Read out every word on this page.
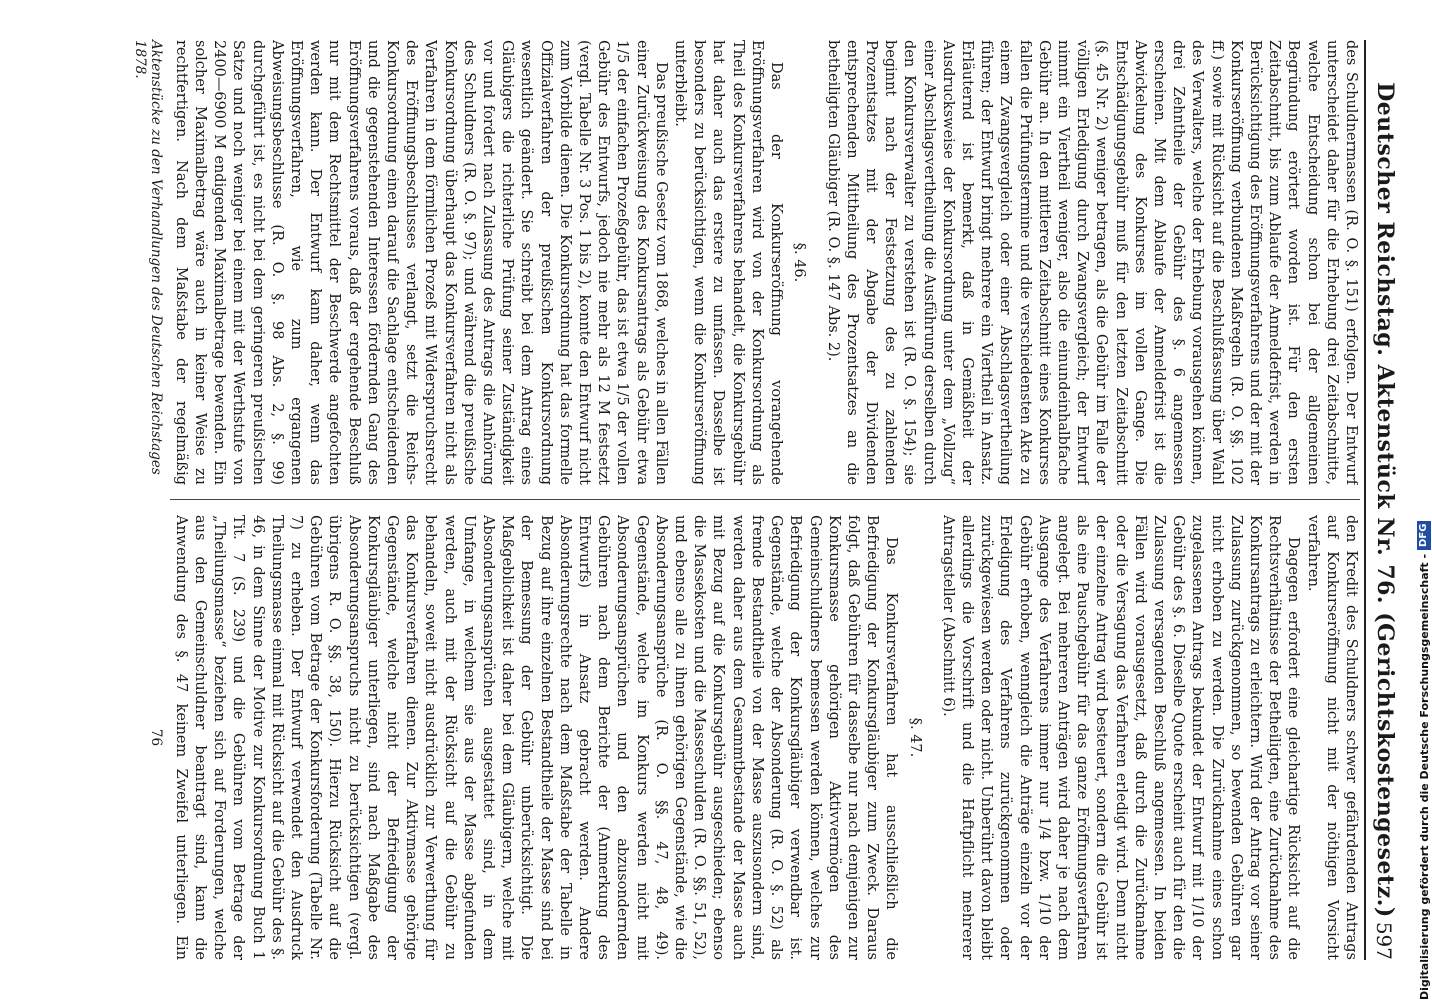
Deutscher Reichstag. Aktenstück Nr. 76. (Gerichtskostengesetz.)
597

des Schuldnermassen (R. O. §. 151) erfolgen. Der Entwurf unterscheidet daher für die Erhebung drei Zeitabschnitte, welche Entscheidung schon bei der allgemeinen Begründung erörtert worden ist. Für den ersten Zeitabschnitt, bis zum Ablaufe der Anmeldefrist, werden in Berücksichtigung des Eröffnungsverfahrens und der mit der Konkurseröffnung verbundenen Maßregeln (R. O. §§. 102 ff.) sowie mit Rücksicht auf die Beschlußfassung über Wahl des Verwalters, welche der Erhebung vorausgehen können, drei Zehntheile der Gebühr des §. 6 angemessen erscheinen. Mit dem Ablaufe der Anmeldefrist ist die Abwickelung des Konkurses im vollen Gange. Die Entschädigungsgebühr muß für den letzten Zeitabschnitt (§. 45 Nr. 2) weniger betragen, als die Gebühr im Falle der völligen Erledigung durch Zwangsvergleich; der Entwurf nimmt ein Viertheil weniger, also die einundeinhalbfache Gebühr an. In den mittleren Zeitabschnitt eines Konkurses fallen die Prüfungstermine und die verschiedensten Akte zu einem Zwangsvergleich oder einer Abschlagsvertheilung führen; der Entwurf bringt mehrere ein Viertheil in Ansatz. Erläuternd ist bemerkt, daß in Gemäßheit der Ausdrucksweise der Konkursordnung unter dem „Vollzug“ einer Abschlagsvertheilung die Ausführung derselben durch den Konkursverwalter zu verstehen ist (R. O. §. 154); sie beginnt nach der Festsetzung des zu zahlenden Prozentsatzes mit der Abgabe der Dividenden entsprechenden Mittheilung des Prozentsatzes an die betheiligten Gläubiger (R. O. §. 147 Abs. 2).

§. 46.

Das der Konkurseröffnung vorangehende Eröffnungsverfahren wird von der Konkursordnung als Theil des Konkursverfahrens behandelt, die Konkursgebühr hat daher auch das erstere zu umfassen. Dasselbe ist besonders zu berücksichtigen, wenn die Konkurseröffnung unterbleibt.

Das preußische Gesetz vom 1868, welches in allen Fällen einer Zurückweisung des Konkursantrags als Gebühr etwa 1/5 der einfachen Prozeßgebühr, das ist etwa 1/5 der vollen Gebühr des Entwurfs, jedoch nie mehr als 12 M festsetzt (vergl. Tabelle Nr. 3 Pos. 1 bis 2), konnte den Entwurf nicht zum Vorbilde dienen. Die Konkursordnung hat das formelle Offizialverfahren der preußischen Konkursordnung wesentlich geändert. Sie schreibt bei dem Antrag eines Gläubigers die richterliche Prüfung seiner Zuständigkeit vor und fordert nach Zulassung des Antrags die Anhörung des Schuldners (R. O. §. 97); und während die preußische Konkursordnung überhaupt das Konkursverfahren nicht als Verfahren in dem förmlichen Prozeß mit Widerspruchsrecht des Eröffnungsbeschlusses verlangt, setzt die Reichs-Konkursordnung einen darauf die Sachlage entscheidenden und die gegenstehenden Interessen fördernden Gang des Eröffnungsverfahrens voraus, daß der ergehende Beschluß nur mit dem Rechtsmittel der Beschwerde angefochten werden kann. Der Entwurf kann daher, wenn das Eröffnungsverfahren, wie zum ergangenen Abweisungsbeschlusse (R. O. §. 98 Abs. 2, §. 99) durchgeführt ist, es nicht bei dem geringeren preußischen Satze und noch weniger bei einem mit der Werthstufe von 2400—6900 M endigenden Maximalbetrage bewenden. Ein solcher Maximalbetrag wäre auch in keiner Weise zu rechtfertigen. Nach dem Maßstabe der regelmäßig

den Kredit des Schuldners schwer gefährdenden Antrags auf Konkurseröffnung nicht mit der nöthigen Vorsicht verfahren.

Dagegen erfordert eine gleichartige Rücksicht auf die Rechtsverhältnisse der Betheiligten, eine Zurücknahme des Konkursantrags zu erleichtern. Wird der Antrag vor seiner Zulassung zurückgenommen, so bewenden Gebühren gar nicht erhoben zu werden. Die Zurücknahme eines schon zugelassenen Antrags bekundet der Entwurf mit 1/10 der Gebühr des §. 6. Dieselbe Quote erscheint auch für den die Zulassung versagenden Beschluß angemessen. In beiden Fällen wird vorausgesetzt, daß durch die Zurücknahme oder die Versagung das Verfahren erledigt wird. Denn nicht der einzelne Antrag wird besteuert, sondern die Gebühr ist als eine Pauschgebühr für das ganze Eröffnungsverfahren angelegt. Bei mehreren Anträgen wird daher je nach dem Ausgange des Verfahrens immer nur 1/4 bzw. 1/10 der Gebühr erhoben, wenngleich die Anträge einzeln vor der Erledigung des Verfahrens zurückgenommen oder zurückgewiesen werden oder nicht. Unberührt davon bleibt allerdings die Vorschrift und die Haftpflicht mehrerer Antragsteller (Abschnitt 6).

§. 47.

Das Konkursverfahren hat ausschließlich die Befriedigung der Konkursgläubiger zum Zweck. Daraus folgt, daß Gebühren für dasselbe nur nach demjenigen zur Konkursmasse gehörigen Aktivvermögen des Gemeinschuldners bemessen werden können, welches zur Befriedigung der Konkursgläubiger verwendbar ist. Gegenstände, welche der Absonderung (R. O. §. 52) als fremde Bestandtheile von der Masse auszusondern sind, werden daher aus dem Gesammtbestande der Masse auch mit Bezug auf die Konkursgebühr ausgeschieden; ebenso die Massekosten und die Masseschulden (R. O. §§. 51, 52), und ebenso alle zu ihnen gehörigen Gegenstände, wie die Absonderungsansprüche (R. O. §§. 47, 48, 49). Gegenstände, welche im Konkurs werden nicht mit Absonderungsansprüchen und den abzusondernden Gebühren nach dem Berichte der (Anmerkung des Entwurfs) in Ansatz gebracht werden. Andere Absonderungsrechte nach dem Maßstabe der Tabelle in Bezug auf ihre einzelnen Bestandtheile der Masse sind bei der Bemessung der Gebühr unberücksichtigt. Die Maßgeblichkeit ist daher bei dem Gläubigern, welche mit Absonderungsansprüchen ausgestattet sind, in dem Umfange, in welchem sie aus der Masse abgefunden werden, auch mit der Rücksicht auf die Gebühr zu behandeln, soweit nicht ausdrücklich zur Verwerthung für das Konkursverfahren dienen. Zur Aktivmasse gehörige Gegenstände, welche nicht der Befriedigung der Konkursgläubiger unterliegen, sind nach Maßgabe des Absonderungsanspruchs nicht zu berücksichtigen (vergl. übrigens R. O. §§. 38, 150). Hierzu Rücksicht auf die Gebühren vom Betrage der Konkursforderung (Tabelle Nr. 7) zu erheben. Der Entwurf verwendet den Ausdruck Theilungsmasse einmal mit Rücksicht auf die Gebühr des §. 46, in dem Sinne der Motive zur Konkursordnung Buch 1 Tit. 7 (S. 239) und die Gebühren vom Betrage der „Theilungsmasse“ beziehen sich auf Forderungen, welche aus den Gemeinschuldner beantragt sind, kann die Anwendung des §. 47 keinem Zweifel unterliegen. Ein

Aktenstücke zu den Verhandlungen des Deutschen Reichstages 1878.
76	Digitalisierung gefördert durch die Deutsche Forschungsgemeinschaft -
DFG
